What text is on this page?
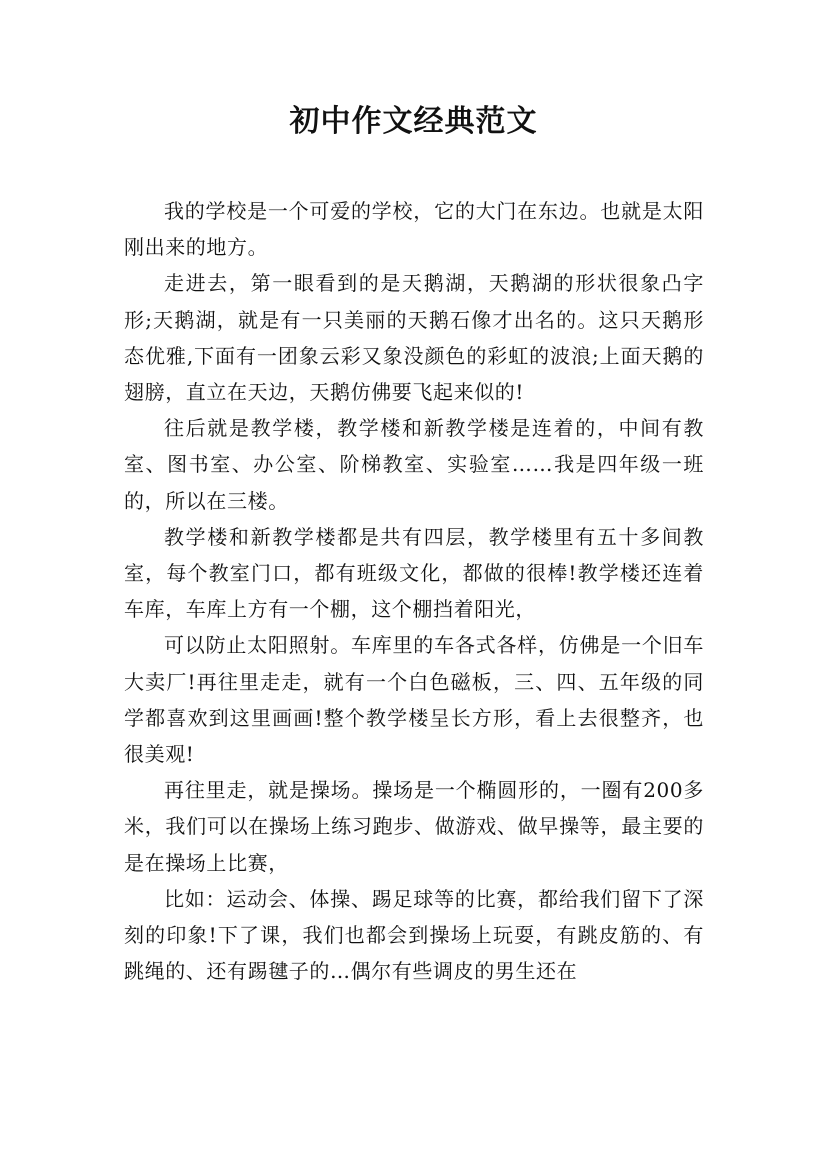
初中作文经典范文

我的学校是一个可爱的学校，它的大门在东边。也就是太阳刚出来的地方。

走进去，第一眼看到的是天鹅湖，天鹅湖的形状很象凸字形;天鹅湖，就是有一只美丽的天鹅石像才出名的。这只天鹅形态优雅,下面有一团象云彩又象没颜色的彩虹的波浪;上面天鹅的翅膀，直立在天边，天鹅仿佛要飞起来似的!

往后就是教学楼，教学楼和新教学楼是连着的，中间有教室、图书室、办公室、阶梯教室、实验室……我是四年级一班的，所以在三楼。

教学楼和新教学楼都是共有四层，教学楼里有五十多间教室，每个教室门口，都有班级文化，都做的很棒!教学楼还连着车库，车库上方有一个棚，这个棚挡着阳光，

可以防止太阳照射。车库里的车各式各样，仿佛是一个旧车大卖厂!再往里走走，就有一个白色磁板，三、四、五年级的同学都喜欢到这里画画!整个教学楼呈长方形，看上去很整齐，也很美观!

再往里走，就是操场。操场是一个椭圆形的，一圈有200多米，我们可以在操场上练习跑步、做游戏、做早操等，最主要的是在操场上比赛，

比如：运动会、体操、踢足球等的比赛，都给我们留下了深刻的印象!下了课，我们也都会到操场上玩耍，有跳皮筋的、有跳绳的、还有踢毽子的…偶尔有些调皮的男生还在
